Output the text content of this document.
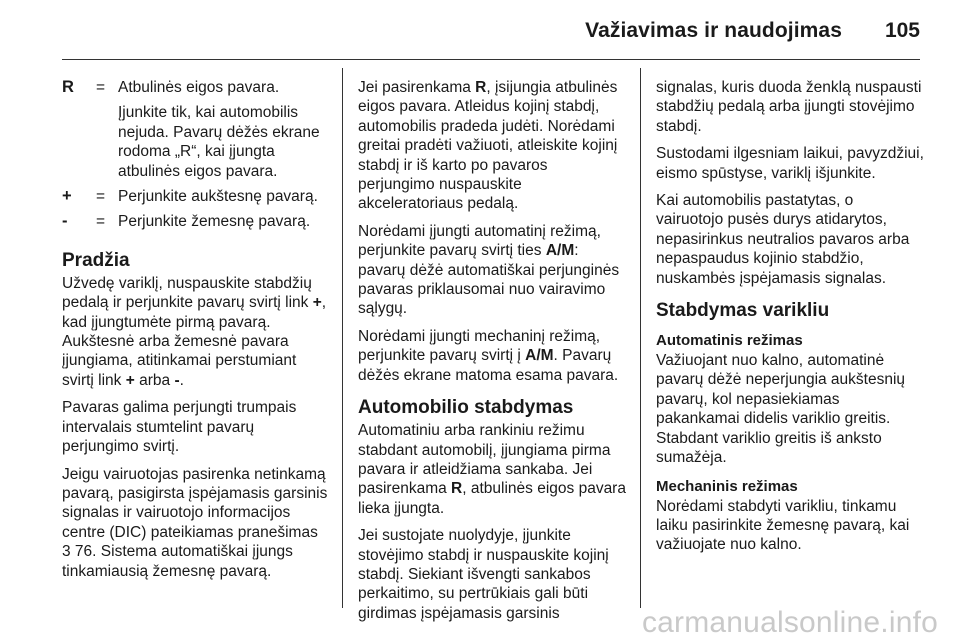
Važiavimas ir naudojimas 105
R	= Atbulinės eigos pavara.

Įjunkite tik, kai automobilis nejuda. Pavarų dėžės ekrane rodoma „R“, kai įjungta atbulinės eigos pavara.

+	= Perjunkite aukštesnę pavarą.

-	= Perjunkite žemesnę pavarą.

Pradžia

Užvedę variklį, nuspauskite stabdžių pedalą ir perjunkite pavarų svirtį link +, kad įjungtumėte pirmą pavarą. Aukštesnė arba žemesnė pavara įjungiama, atitinkamai perstumiant svirtį link + arba -.

Pavaras galima perjungti trumpais intervalais stumtelint pavarų perjungimo svirtį.

Jeigu vairuotojas pasirenka netinkamą pavarą, pasigirsta įspėjamasis garsinis signalas ir vairuotojo informacijos centre (DIC) pateikiamas pranešimas 3 76. Sistema automatiškai įjungs tinkamiausią žemesnę pavarą.

Jei pasirenkama R, įsijungia atbulinės eigos pavara. Atleidus kojinį stabdį, automobilis pradeda judėti. Norėdami greitai pradėti važiuoti, atleiskite kojinį stabdį ir iš karto po pavaros perjungimo nuspauskite akceleratoriaus pedalą.

Norėdami įjungti automatinį režimą, perjunkite pavarų svirtį ties A/M: pavarų dėžė automatiškai perjunginės pavaras priklausomai nuo vairavimo sąlygų.

Norėdami įjungti mechaninį režimą, perjunkite pavarų svirtį į A/M. Pavarų dėžės ekrane matoma esama pavara.

Automobilio stabdymas

Automatiniu arba rankiniu režimu stabdant automobilį, įjungiama pirma pavara ir atleidžiama sankaba. Jei pasirenkama R, atbulinės eigos pavara lieka įjungta.

Jei sustojate nuolydyje, įjunkite stovėjimo stabdį ir nuspauskite kojinį stabdį. Siekiant išvengti sankabos perkaitimo, su pertrūkiais gali būti girdimas įspėjamasis garsinis

signalas, kuris duoda ženklą nuspausti stabdžių pedalą arba įjungti stovėjimo stabdį.

Sustodami ilgesniam laikui, pavyzdžiui, eismo spūstyse, variklį išjunkite.

Kai automobilis pastatytas, o vairuotojo pusės durys atidarytos, nepasirinkus neutralios pavaros arba nepaspaudus kojinio stabdžio, nuskambės įspėjamasis signalas.

Stabdymas varikliu
Automatinis režimas

Važiuojant nuo kalno, automatinė pavarų dėžė neperjungia aukštesnių pavarų, kol nepasiekiamas pakankamai didelis variklio greitis. Stabdant variklio greitis iš anksto sumažėja.

Mechaninis režimas

Norėdami stabdyti varikliu, tinkamu laiku pasirinkite žemesnę pavarą, kai važiuojate nuo kalno.

carmanualsonline.info
